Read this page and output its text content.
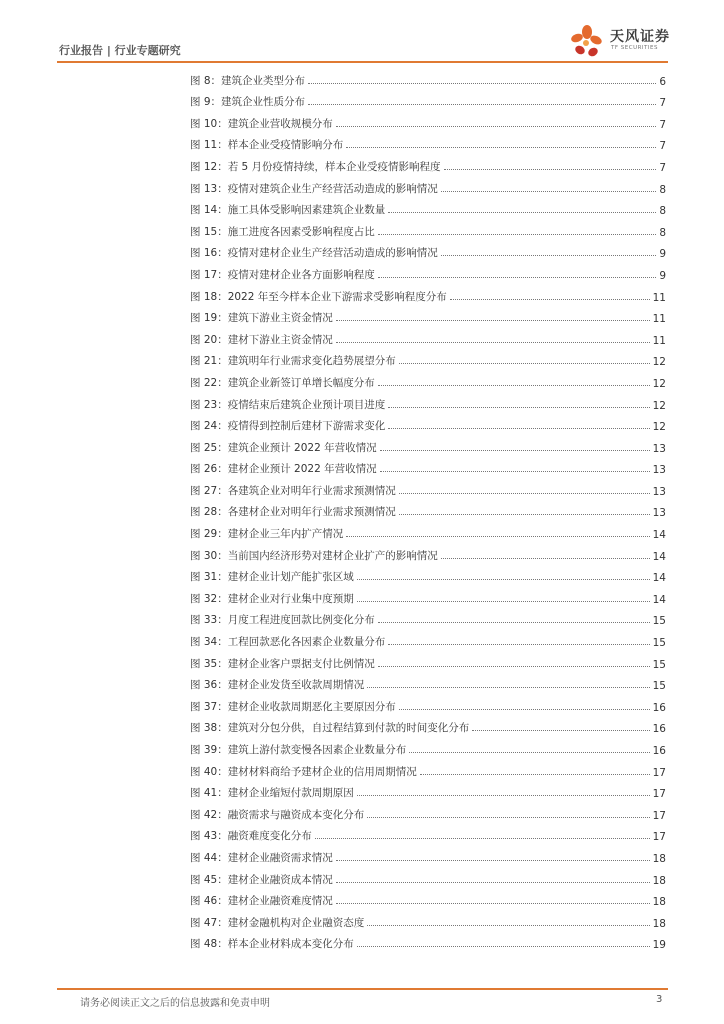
行业报告 | 行业专题研究
天风证券
TF SECURITIES
图 8：建筑企业类型分布	6
图 9：建筑企业性质分布	7
图 10：建筑企业营收规模分布	7
图 11：样本企业受疫情影响分布	7
图 12：若 5 月份疫情持续，样本企业受疫情影响程度	7
图 13：疫情对建筑企业生产经营活动造成的影响情况	8
图 14：施工具体受影响因素建筑企业数量	8
图 15：施工进度各因素受影响程度占比	8
图 16：疫情对建材企业生产经营活动造成的影响情况	9
图 17：疫情对建材企业各方面影响程度	9
图 18：2022 年至今样本企业下游需求受影响程度分布	11
图 19：建筑下游业主资金情况	11
图 20：建材下游业主资金情况	11
图 21：建筑明年行业需求变化趋势展望分布	12
图 22：建筑企业新签订单增长幅度分布	12
图 23：疫情结束后建筑企业预计项目进度	12
图 24：疫情得到控制后建材下游需求变化	12
图 25：建筑企业预计 2022 年营收情况	13
图 26：建材企业预计 2022 年营收情况	13
图 27：各建筑企业对明年行业需求预测情况	13
图 28：各建材企业对明年行业需求预测情况	13
图 29：建材企业三年内扩产情况	14
图 30：当前国内经济形势对建材企业扩产的影响情况	14
图 31：建材企业计划产能扩张区域	14
图 32：建材企业对行业集中度预期	14
图 33：月度工程进度回款比例变化分布	15
图 34：工程回款恶化各因素企业数量分布	15
图 35：建材企业客户票据支付比例情况	15
图 36：建材企业发货至收款周期情况	15
图 37：建材企业收款周期恶化主要原因分布	16
图 38：建筑对分包分供，自过程结算到付款的时间变化分布	16
图 39：建筑上游付款变慢各因素企业数量分布	16
图 40：建材材料商给予建材企业的信用周期情况	17
图 41：建材企业缩短付款周期原因	17
图 42：融资需求与融资成本变化分布	17
图 43：融资难度变化分布	17
图 44：建材企业融资需求情况	18
图 45：建材企业融资成本情况	18
图 46：建材企业融资难度情况	18
图 47：建材金融机构对企业融资态度	18
图 48：样本企业材料成本变化分布	19
请务必阅读正文之后的信息披露和免责申明	3
